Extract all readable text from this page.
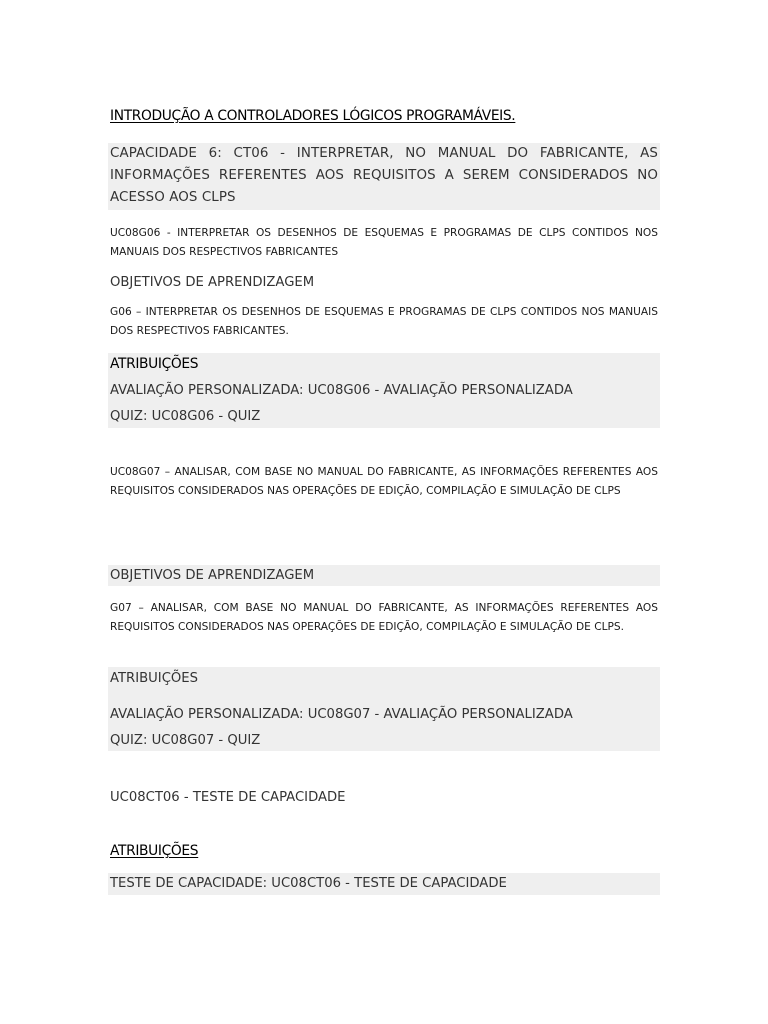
INTRODUÇÃO A CONTROLADORES LÓGICOS PROGRAMÁVEIS.
CAPACIDADE 6: CT06 - INTERPRETAR, NO MANUAL DO FABRICANTE, AS INFORMAÇÕES REFERENTES AOS REQUISITOS A SEREM CONSIDERADOS NO ACESSO AOS CLPS
UC08G06 - INTERPRETAR OS DESENHOS DE ESQUEMAS E PROGRAMAS DE CLPS CONTIDOS NOS MANUAIS DOS RESPECTIVOS FABRICANTES
OBJETIVOS DE APRENDIZAGEM
G06 – INTERPRETAR OS DESENHOS DE ESQUEMAS E PROGRAMAS DE CLPS CONTIDOS NOS MANUAIS DOS RESPECTIVOS FABRICANTES.
ATRIBUIÇÕES
AVALIAÇÃO PERSONALIZADA: UC08G06 - AVALIAÇÃO PERSONALIZADA
QUIZ: UC08G06 - QUIZ
UC08G07 – ANALISAR, COM BASE NO MANUAL DO FABRICANTE, AS INFORMAÇÕES REFERENTES AOS REQUISITOS CONSIDERADOS NAS OPERAÇÕES DE EDIÇÃO, COMPILAÇÃO E SIMULAÇÃO DE CLPS
OBJETIVOS DE APRENDIZAGEM
G07 – ANALISAR, COM BASE NO MANUAL DO FABRICANTE, AS INFORMAÇÕES REFERENTES AOS REQUISITOS CONSIDERADOS NAS OPERAÇÕES DE EDIÇÃO, COMPILAÇÃO E SIMULAÇÃO DE CLPS.
ATRIBUIÇÕES
AVALIAÇÃO PERSONALIZADA: UC08G07 - AVALIAÇÃO PERSONALIZADA
QUIZ: UC08G07 - QUIZ
UC08CT06 - TESTE DE CAPACIDADE
ATRIBUIÇÕES
TESTE DE CAPACIDADE: UC08CT06 - TESTE DE CAPACIDADE
